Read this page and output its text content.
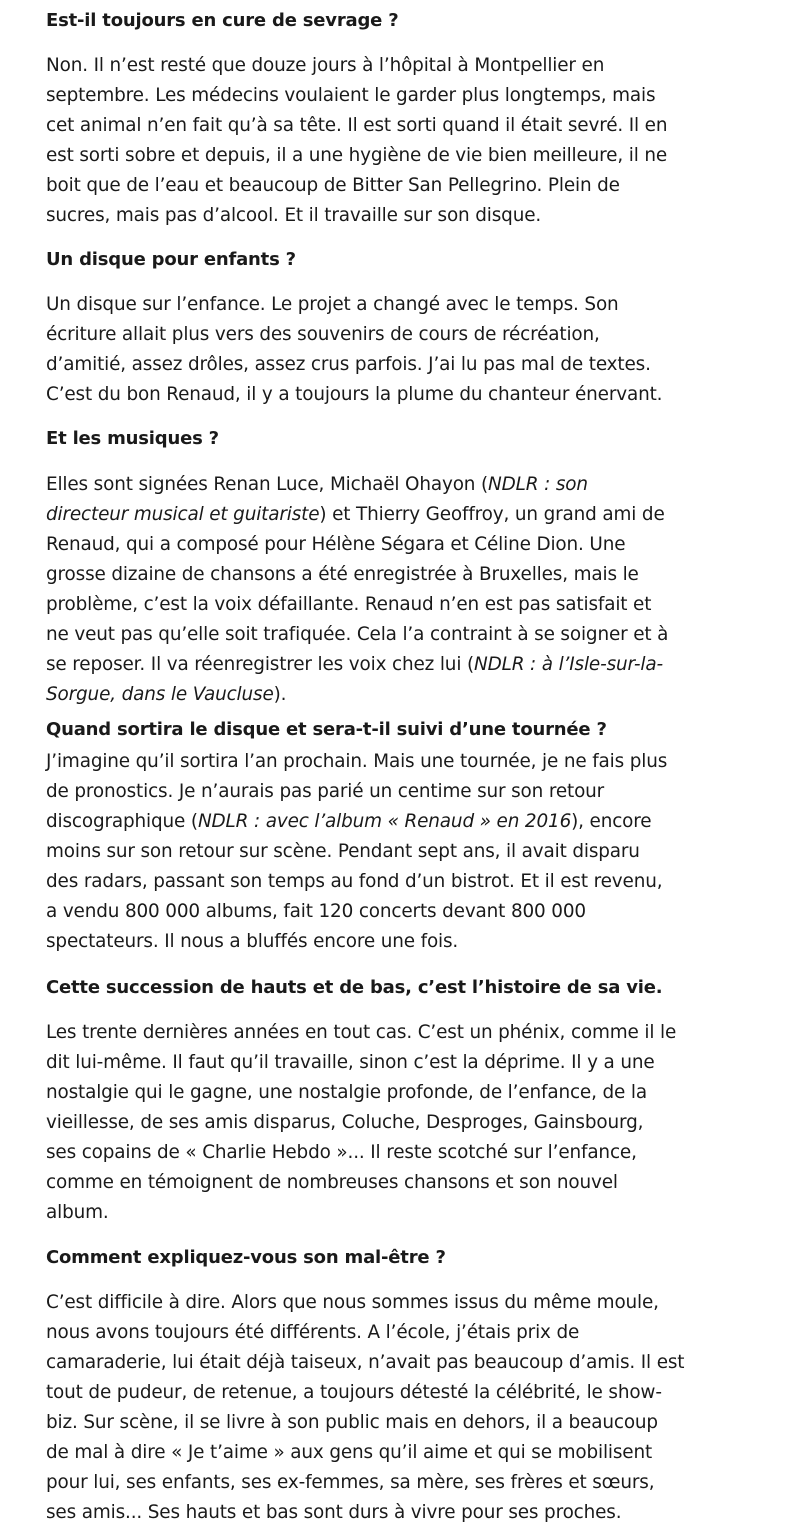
Est-il toujours en cure de sevrage ?

Non. Il n’est resté que douze jours à l’hôpital à Montpellier en
septembre. Les médecins voulaient le garder plus longtemps, mais
cet animal n’en fait qu’à sa tête. Il est sorti quand il était sevré. Il en
est sorti sobre et depuis, il a une hygiène de vie bien meilleure, il ne
boit que de l’eau et beaucoup de Bitter San Pellegrino. Plein de
sucres, mais pas d’alcool. Et il travaille sur son disque.

Un disque pour enfants ?

Un disque sur l’enfance. Le projet a changé avec le temps. Son
écriture allait plus vers des souvenirs de cours de récréation,
d’amitié, assez drôles, assez crus parfois. J’ai lu pas mal de textes.
C’est du bon Renaud, il y a toujours la plume du chanteur énervant.

Et les musiques ?

Elles sont signées Renan Luce, Michaël Ohayon (NDLR : son
directeur musical et guitariste) et Thierry Geoffroy, un grand ami de
Renaud, qui a composé pour Hélène Ségara et Céline Dion. Une
grosse dizaine de chansons a été enregistrée à Bruxelles, mais le
problème, c’est la voix défaillante. Renaud n’en est pas satisfait et
ne veut pas qu’elle soit trafiquée. Cela l’a contraint à se soigner et à
se reposer. Il va réenregistrer les voix chez lui (NDLR : à l’Isle-sur-la-
Sorgue, dans le Vaucluse).

Quand sortira le disque et sera-t-il suivi d’une tournée ?

J’imagine qu’il sortira l’an prochain. Mais une tournée, je ne fais plus
de pronostics. Je n’aurais pas parié un centime sur son retour
discographique (NDLR : avec l’album « Renaud » en 2016), encore
moins sur son retour sur scène. Pendant sept ans, il avait disparu
des radars, passant son temps au fond d’un bistrot. Et il est revenu,
a vendu 800 000 albums, fait 120 concerts devant 800 000
spectateurs. Il nous a bluffés encore une fois.

Cette succession de hauts et de bas, c’est l’histoire de sa vie.

Les trente dernières années en tout cas. C’est un phénix, comme il le
dit lui-même. Il faut qu’il travaille, sinon c’est la déprime. Il y a une
nostalgie qui le gagne, une nostalgie profonde, de l’enfance, de la
vieillesse, de ses amis disparus, Coluche, Desproges, Gainsbourg,
ses copains de « Charlie Hebdo »... Il reste scotché sur l’enfance,
comme en témoignent de nombreuses chansons et son nouvel
album.

Comment expliquez-vous son mal-être ?

C’est difficile à dire. Alors que nous sommes issus du même moule,
nous avons toujours été différents. A l’école, j’étais prix de
camaraderie, lui était déjà taiseux, n’avait pas beaucoup d’amis. Il est
tout de pudeur, de retenue, a toujours détesté la célébrité, le show-
biz. Sur scène, il se livre à son public mais en dehors, il a beaucoup
de mal à dire « Je t’aime » aux gens qu’il aime et qui se mobilisent
pour lui, ses enfants, ses ex-femmes, sa mère, ses frères et sœurs,
ses amis... Ses hauts et bas sont durs à vivre pour ses proches.
